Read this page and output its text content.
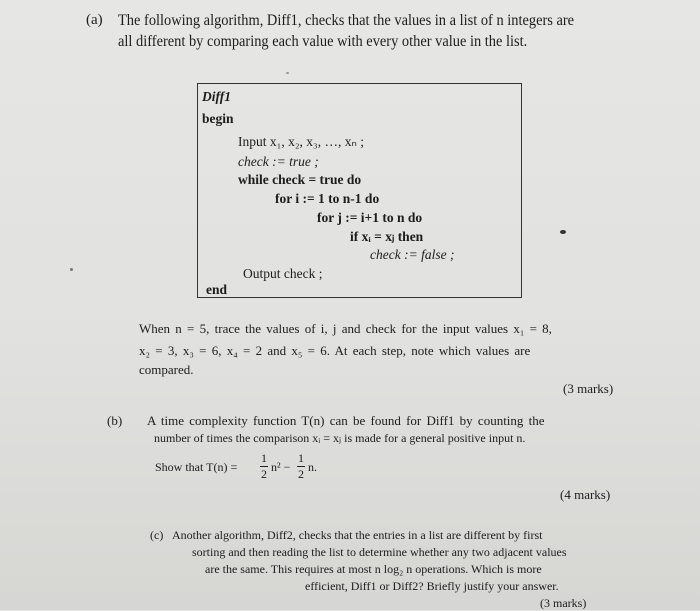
(a) The following algorithm, Diff1, checks that the values in a list of n integers are
all different by comparing each value with every other value in the list.
Diff1
begin
Input x₁, x₂, x₃, …, xₙ ;
check := true ;
while check = true do
for i := 1 to n-1 do
for j := i+1 to n do
if xᵢ = xⱼ then
check := false ;
Output check ;
end
When n = 5, trace the values of i, j and check for the input values x₁ = 8,
x₂ = 3, x₃ = 6, x₄ = 2 and x₅ = 6. At each step, note which values are
compared.
(3 marks)
(b) A time complexity function T(n) can be found for Diff1 by counting the
number of times the comparison xᵢ = xⱼ is made for a general positive input n.
Show that T(n) =
1
2 n² −
1
2 n.
(4 marks)
(c) Another algorithm, Diff2, checks that the entries in a list are different by first
sorting and then reading the list to determine whether any two adjacent values
are the same. This requires at most n log₂ n operations. Which is more
efficient, Diff1 or Diff2? Briefly justify your answer.
(3 marks)
